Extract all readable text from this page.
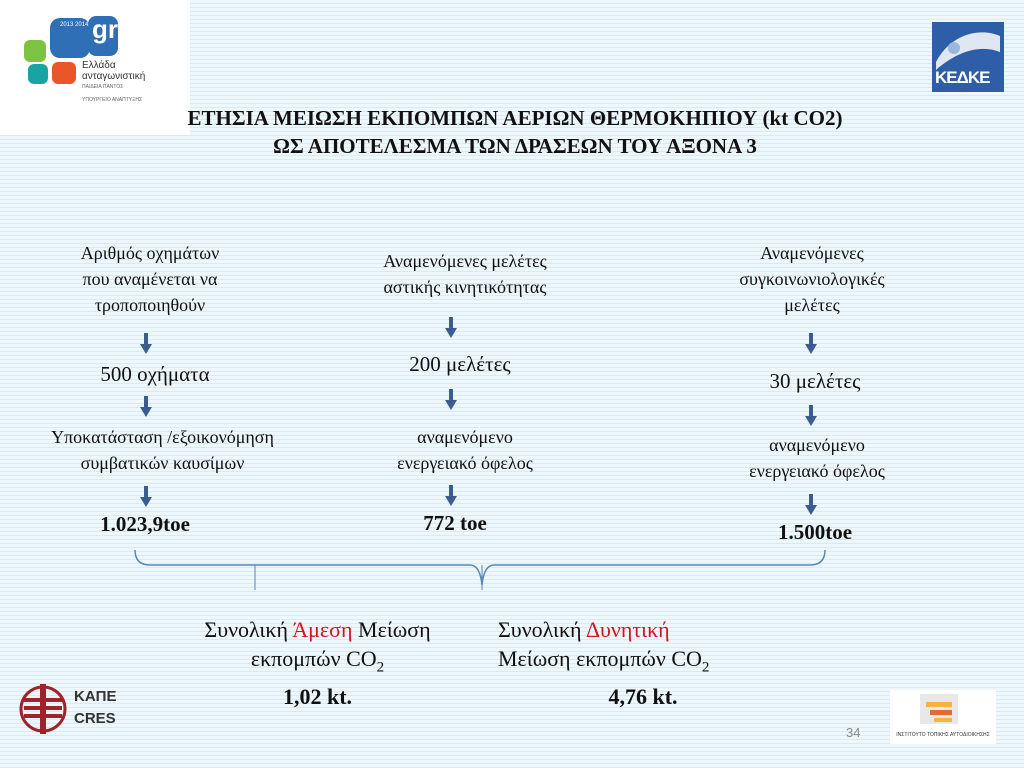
gr
2013 2014
Ελλάδα
ανταγωνιστική
ΠΑΙΔΕΙΑ ΠΑΝΤΟΣ
ΥΠΟΥΡΓΕΙΟ ΑΝΑΠΤΥΞΗΣ
ΚΕΔΚΕ
ΕΤΗΣΙΑ ΜΕΙΩΣΗ ΕΚΠΟΜΠΩΝ ΑΕΡΙΩΝ ΘΕΡΜΟΚΗΠΙΟΥ (kt CO2)
ΩΣ ΑΠΟΤΕΛΕΣΜΑ ΤΩΝ ΔΡΑΣΕΩΝ ΤΟΥ ΑΞΟΝΑ 3
Αριθμός οχημάτων
που αναμένεται να
τροποποιηθούν
500 οχήματα
Υποκατάσταση /εξοικονόμηση
συμβατικών καυσίμων
1.023,9toe
Αναμενόμενες μελέτες
αστικής κινητικότητας
200 μελέτες
αναμενόμενο
ενεργειακό όφελος
772 toe
Αναμενόμενες
συγκοινωνιολογικές
μελέτες
30 μελέτες
αναμενόμενο
ενεργειακό όφελος
1.500toe
Συνολική Άμεση Μείωση
εκπομπών $CO_2$
1,02 kt.
Συνολική Δυνητική
Μείωση εκπομπών $CO_2$
4,76 kt.
ΚΑΠΕ
CRES
34	ΙΝΣΤΙΤΟΥΤΟ ΤΟΠΙΚΗΣ ΑΥΤΟΔΙΟΙΚΗΣΗΣ
